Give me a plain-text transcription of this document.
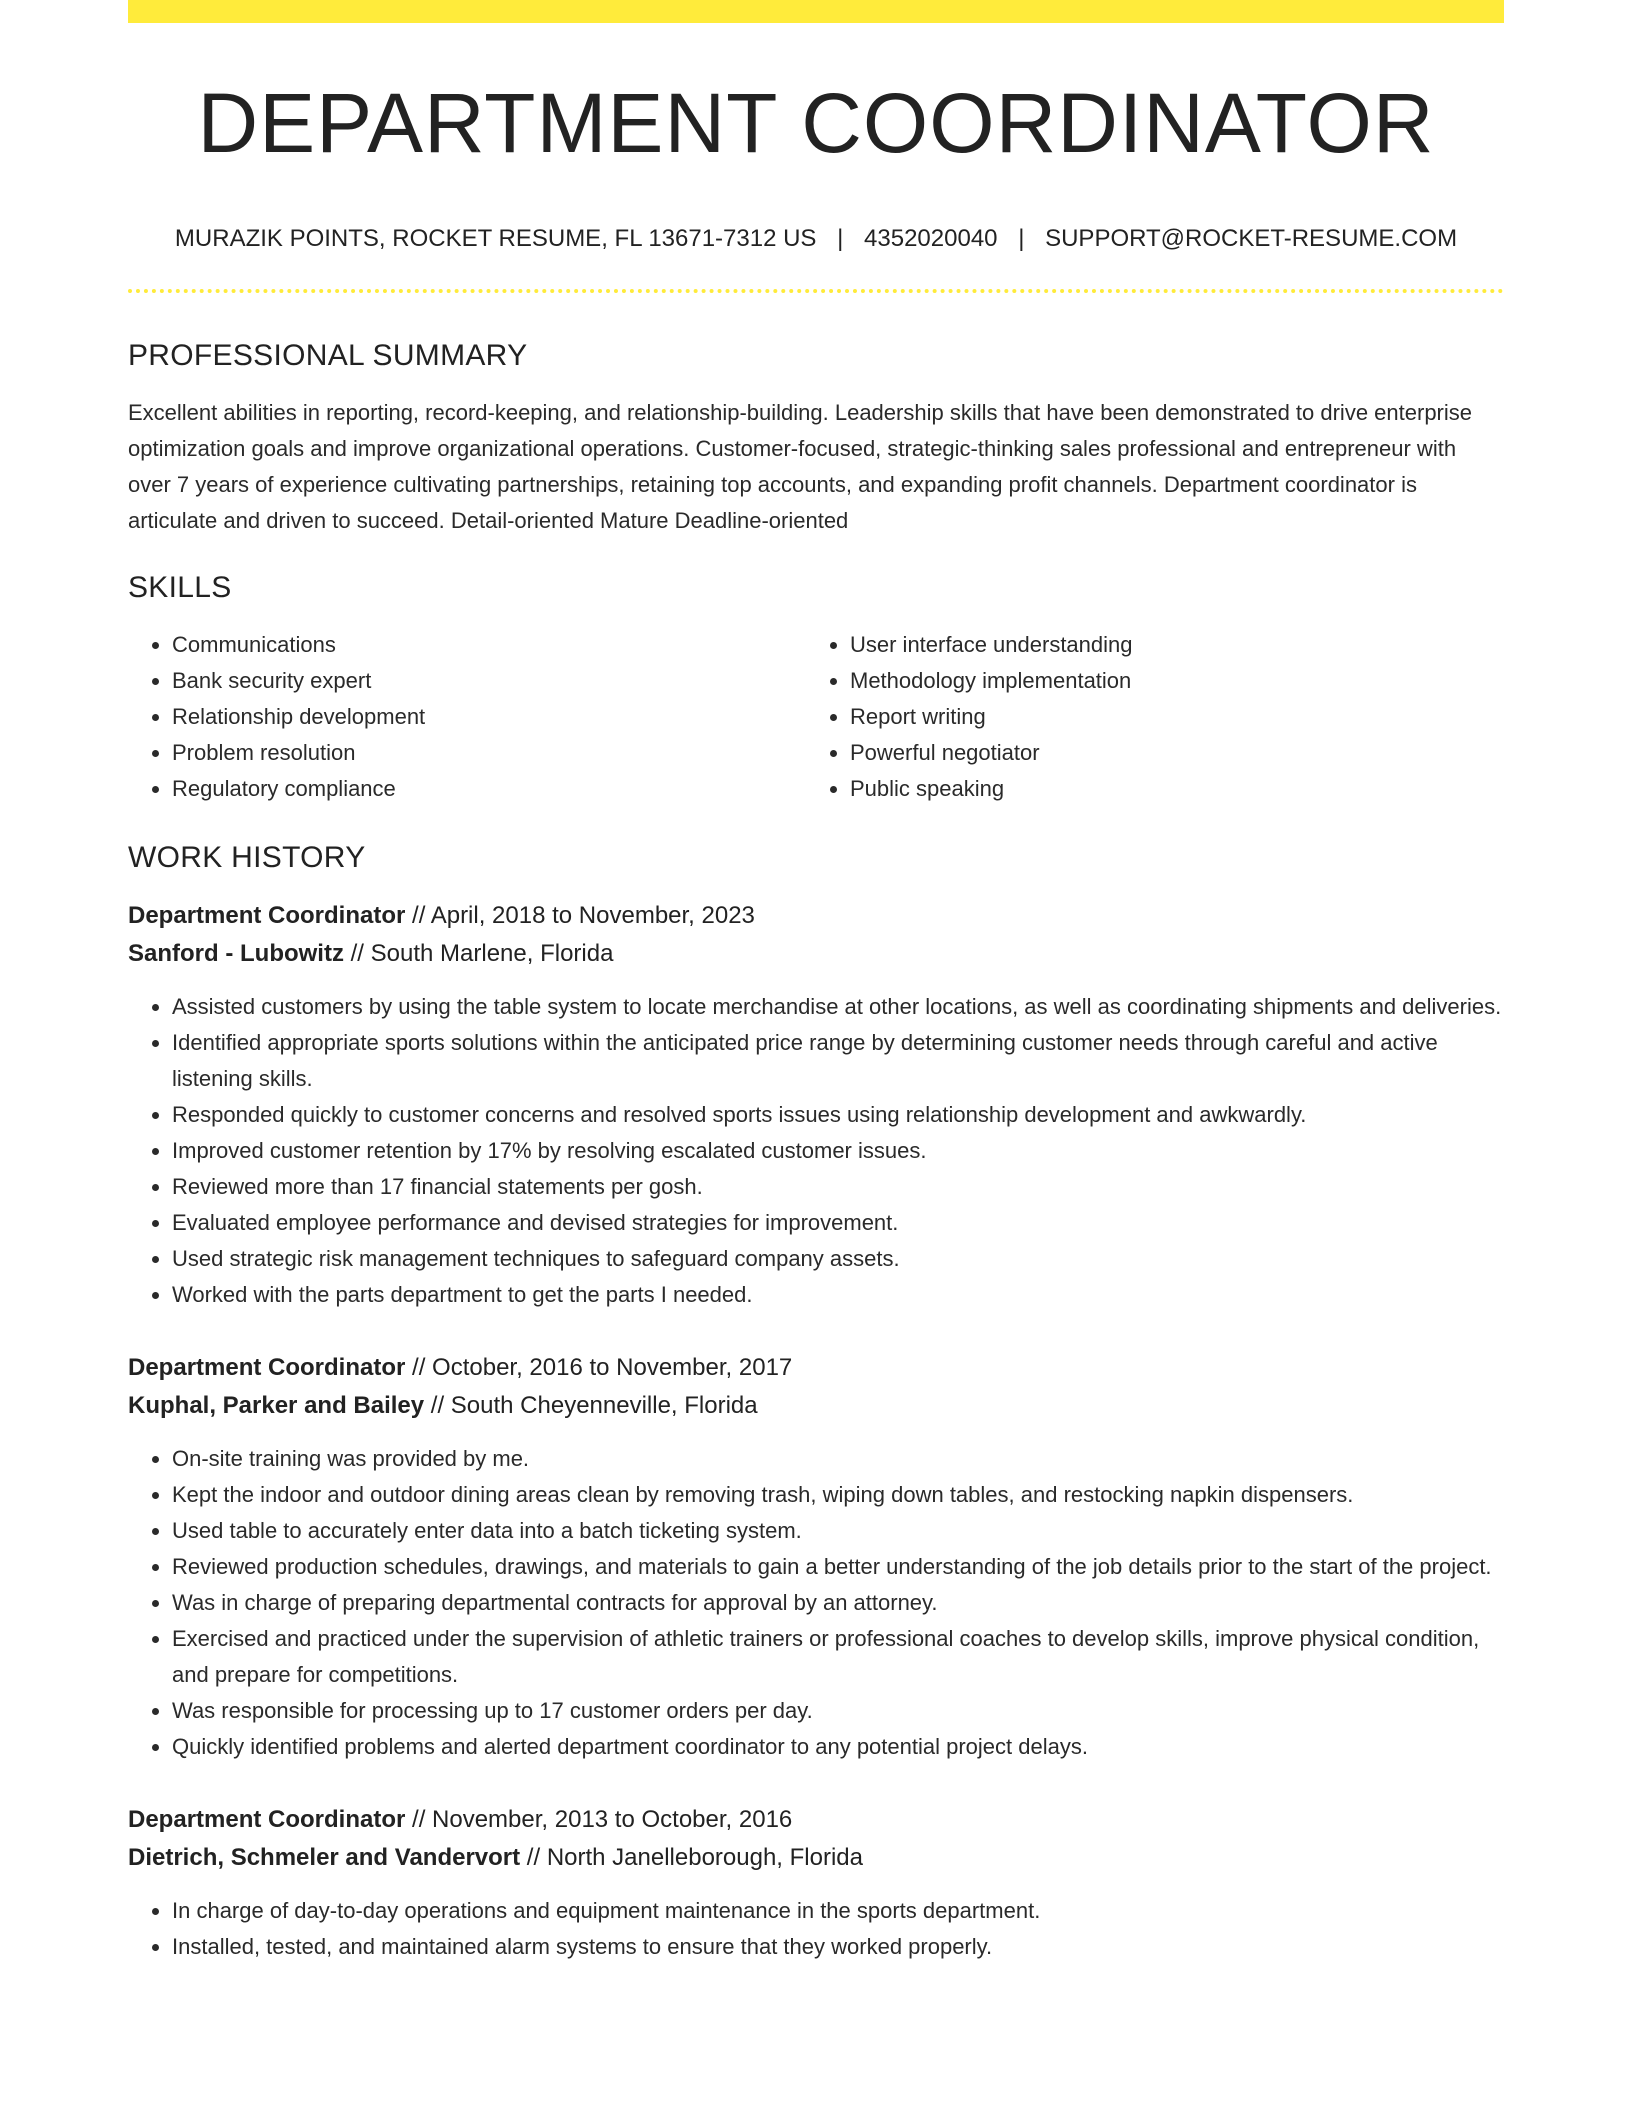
DEPARTMENT COORDINATOR
MURAZIK POINTS, ROCKET RESUME, FL 13671-7312 US | 4352020040 | SUPPORT@ROCKET-RESUME.COM
PROFESSIONAL SUMMARY

Excellent abilities in reporting, record-keeping, and relationship-building. Leadership skills that have been demonstrated to drive enterprise optimization goals and improve organizational operations. Customer-focused, strategic-thinking sales professional and entrepreneur with over 7 years of experience cultivating partnerships, retaining top accounts, and expanding profit channels. Department coordinator is articulate and driven to succeed. Detail-oriented Mature Deadline-oriented

SKILLS
• Communications
• Bank security expert
• Relationship development
• Problem resolution
• Regulatory compliance
• User interface understanding
• Methodology implementation
• Report writing
• Powerful negotiator
• Public speaking
WORK HISTORY
Department Coordinator // April, 2018 to November, 2023
Sanford - Lubowitz // South Marlene, Florida
• Assisted customers by using the table system to locate merchandise at other locations, as well as coordinating shipments and deliveries.
• Identified appropriate sports solutions within the anticipated price range by determining customer needs through careful and active listening skills.
• Responded quickly to customer concerns and resolved sports issues using relationship development and awkwardly.
• Improved customer retention by 17% by resolving escalated customer issues.
• Reviewed more than 17 financial statements per gosh.
• Evaluated employee performance and devised strategies for improvement.
• Used strategic risk management techniques to safeguard company assets.
• Worked with the parts department to get the parts I needed.
Department Coordinator // October, 2016 to November, 2017
Kuphal, Parker and Bailey // South Cheyenneville, Florida
• On-site training was provided by me.
• Kept the indoor and outdoor dining areas clean by removing trash, wiping down tables, and restocking napkin dispensers.
• Used table to accurately enter data into a batch ticketing system.
• Reviewed production schedules, drawings, and materials to gain a better understanding of the job details prior to the start of the project.
• Was in charge of preparing departmental contracts for approval by an attorney.
• Exercised and practiced under the supervision of athletic trainers or professional coaches to develop skills, improve physical condition, and prepare for competitions.
• Was responsible for processing up to 17 customer orders per day.
• Quickly identified problems and alerted department coordinator to any potential project delays.
Department Coordinator // November, 2013 to October, 2016
Dietrich, Schmeler and Vandervort // North Janelleborough, Florida
• In charge of day-to-day operations and equipment maintenance in the sports department.
• Installed, tested, and maintained alarm systems to ensure that they worked properly.
